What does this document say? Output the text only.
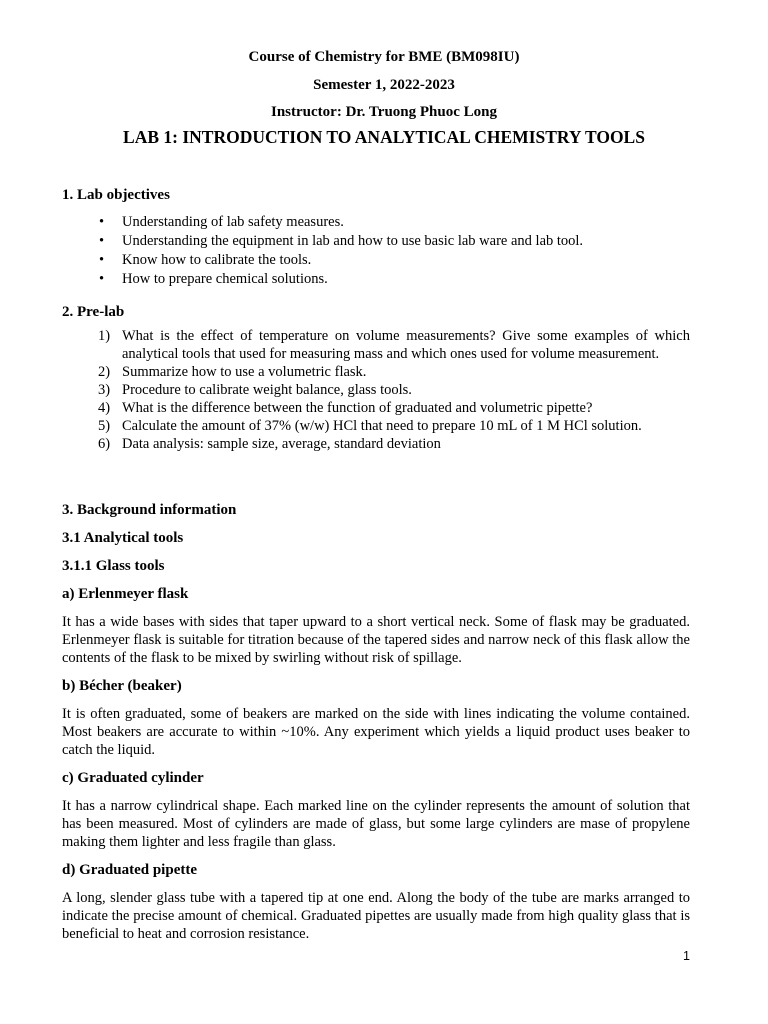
Course of Chemistry for BME (BM098IU)
Semester 1, 2022-2023
Instructor: Dr. Truong Phuoc Long
LAB 1: INTRODUCTION TO ANALYTICAL CHEMISTRY TOOLS
1. Lab objectives
• Understanding of lab safety measures.
• Understanding the equipment in lab and how to use basic lab ware and lab tool.
• Know how to calibrate the tools.
• How to prepare chemical solutions.
2. Pre-lab
1) What is the effect of temperature on volume measurements? Give some examples of which analytical tools that used for measuring mass and which ones used for volume measurement.
2) Summarize how to use a volumetric flask.
3) Procedure to calibrate weight balance, glass tools.
4) What is the difference between the function of graduated and volumetric pipette?
5) Calculate the amount of 37% (w/w) HCl that need to prepare 10 mL of 1 M HCl solution.
6) Data analysis: sample size, average, standard deviation
3. Background information
3.1 Analytical tools
3.1.1 Glass tools
a) Erlenmeyer flask
It has a wide bases with sides that taper upward to a short vertical neck. Some of flask may be graduated. Erlenmeyer flask is suitable for titration because of the tapered sides and narrow neck of this flask allow the contents of the flask to be mixed by swirling without risk of spillage.
b) Bécher (beaker)
It is often graduated, some of beakers are marked on the side with lines indicating the volume contained. Most beakers are accurate to within ~10%. Any experiment which yields a liquid product uses beaker to catch the liquid.
c) Graduated cylinder
It has a narrow cylindrical shape. Each marked line on the cylinder represents the amount of solution that has been measured. Most of cylinders are made of glass, but some large cylinders are mase of propylene making them lighter and less fragile than glass.
d) Graduated pipette
A long, slender glass tube with a tapered tip at one end. Along the body of the tube are marks arranged to indicate the precise amount of chemical. Graduated pipettes are usually made from high quality glass that is beneficial to heat and corrosion resistance.
1
